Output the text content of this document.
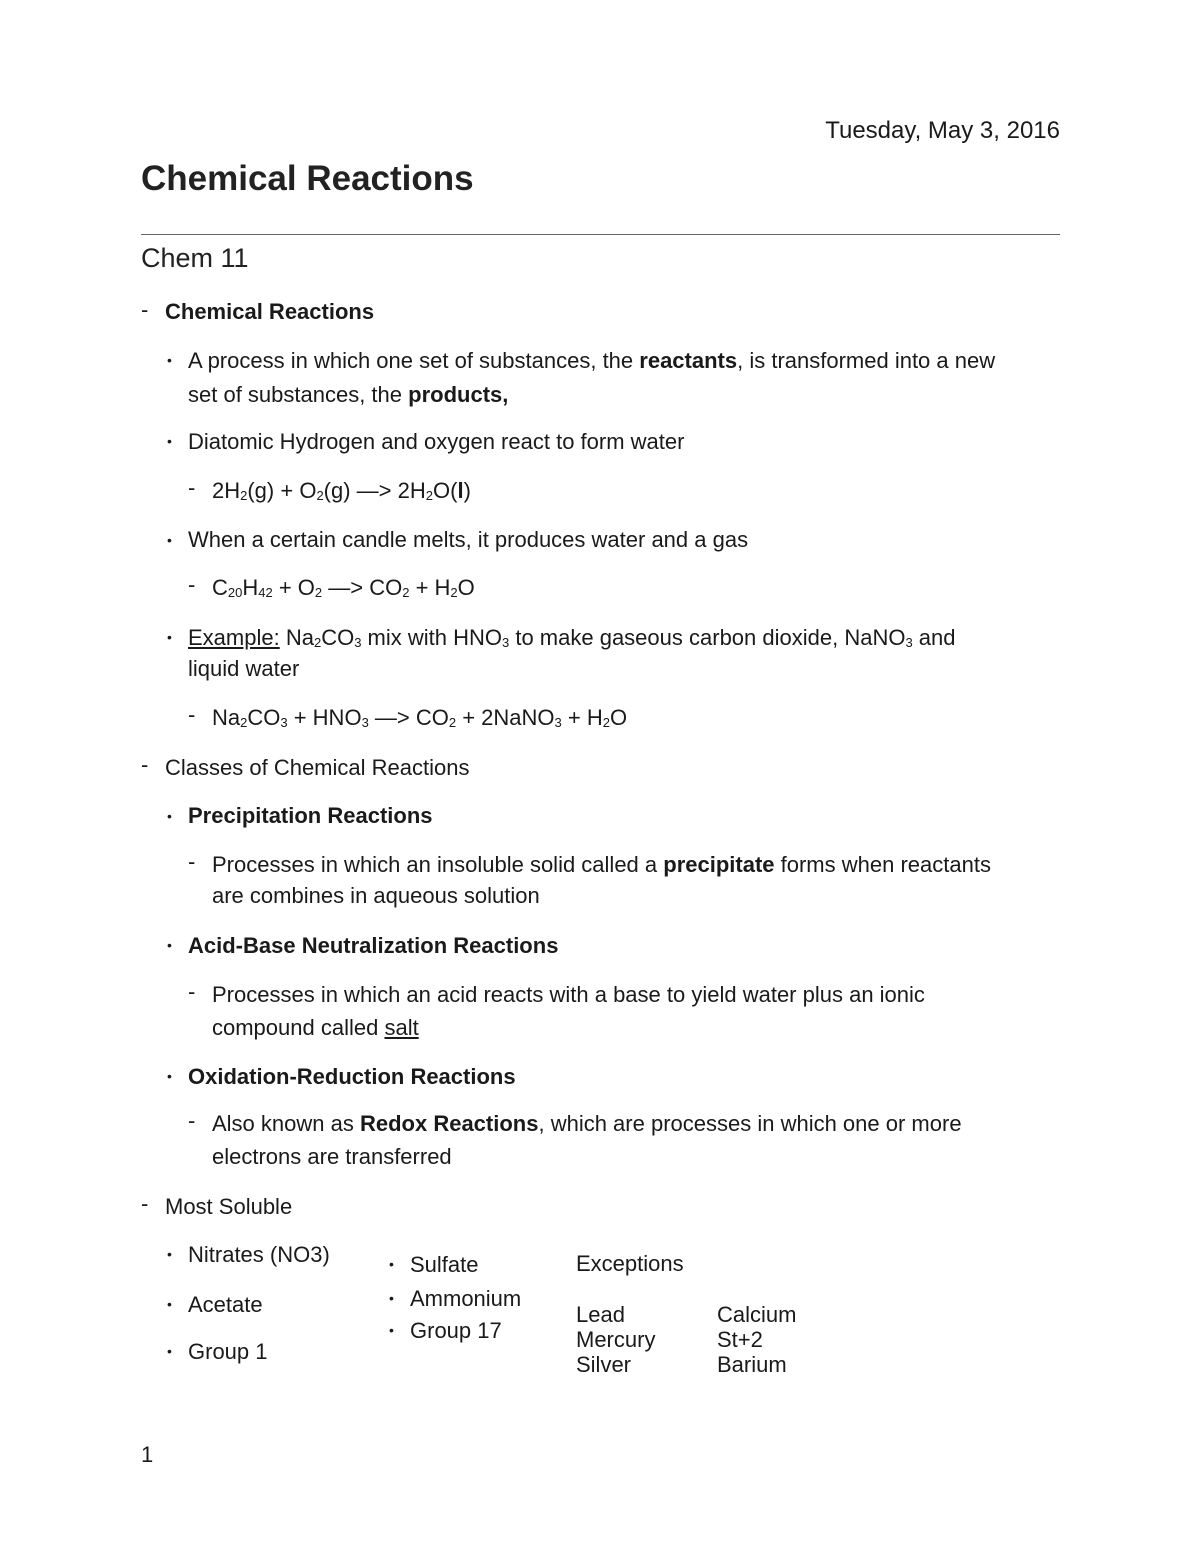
Tuesday, May 3, 2016
Chemical Reactions
Chem 11
- Chemical Reactions
• A process in which one set of substances, the reactants, is transformed into a new
set of substances, the products,
• Diatomic Hydrogen and oxygen react to form water
- $2H_2(g) + O_2(g)$ —> $2H_2O(l)$
• When a certain candle melts, it produces water and a gas
- $C_{20}H_{42} + O_2$ —> $CO_2 + H_2O$
• Example: $Na_2CO_3$ mix with $HNO_3$ to make gaseous carbon dioxide, NaNO$_3$ and
liquid water
- $Na_2CO_3 + HNO_3$ —> $CO_2$ + 2NaNO$_3$ + $H_2O$
- Classes of Chemical Reactions
• Precipitation Reactions
- Processes in which an insoluble solid called a precipitate forms when reactants
are combines in aqueous solution
• Acid-Base Neutralization Reactions
- Processes in which an acid reacts with a base to yield water plus an ionic
compound called salt
• Oxidation-Reduction Reactions
- Also known as Redox Reactions, which are processes in which one or more
electrons are transferred
- Most Soluble
• Nitrates (NO3)
• Acetate
• Group 1
• Sulfate
• Ammonium
• Group 17
Exceptions
Lead
Mercury
Silver
Calcium
St+2
Barium
1
